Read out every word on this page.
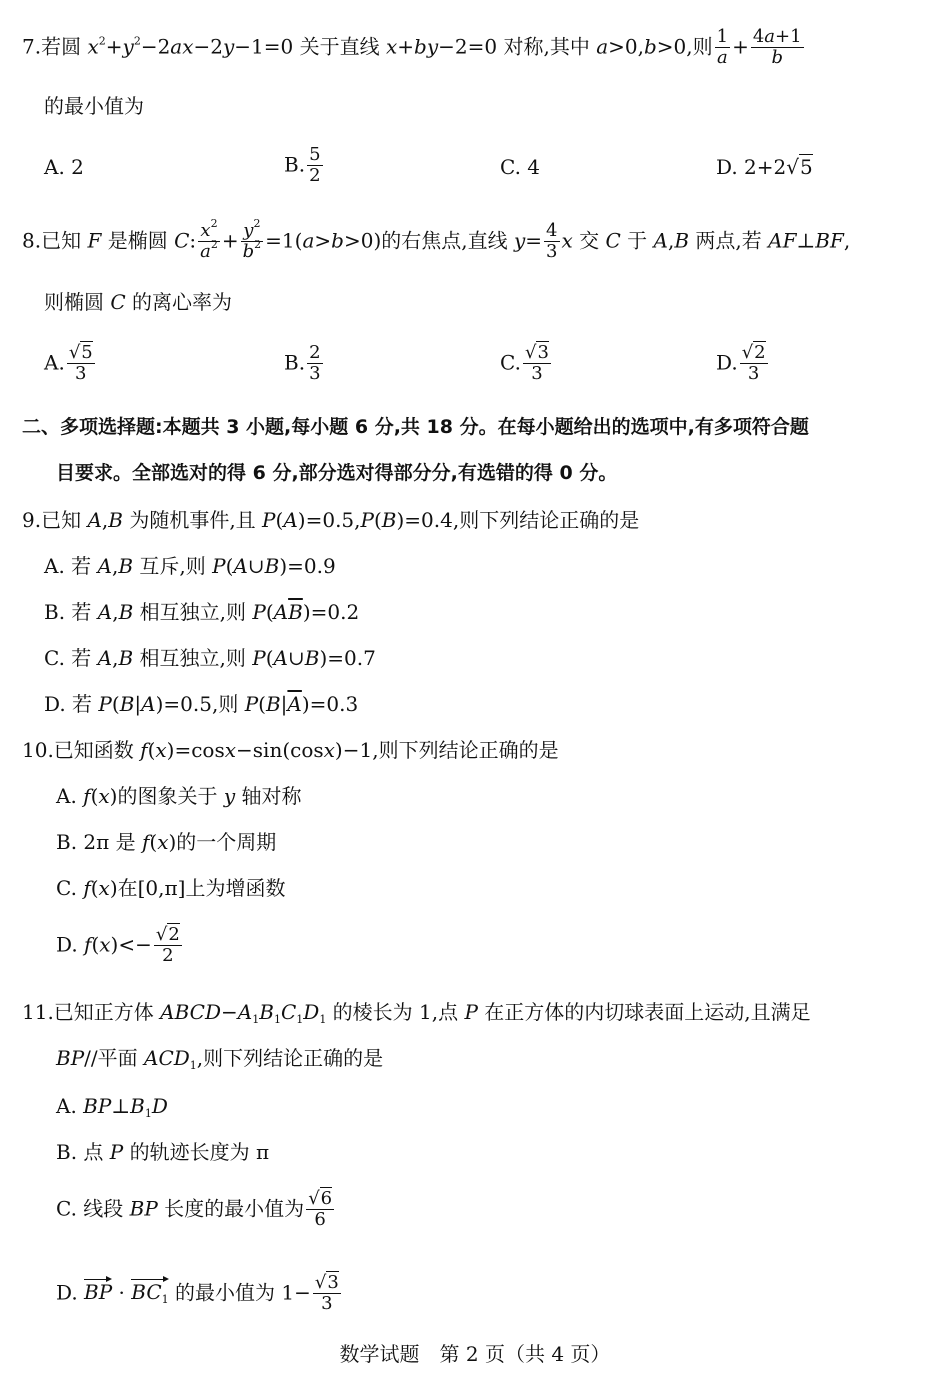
7.若圆 $x^2+y^2-2ax-2y-1=0$ 关于直线 x+by−2=0 对称,其中 a>0,b>0,则 $\frac{1}{a} + \frac{4a+1}{b}$
的最小值为
A. 2	B. $\frac{5}{2}$	C. 4	D. 2+2√5
8.已知 F 是椭圆 C: $\frac{x^2}{a^2} + \frac{y^2}{b^2} =1(a>b>0)$的右焦点,直线 $y= \frac{4}{3}$ x 交 C 于 A,B 两点,若 AF⊥BF,
则椭圆 C 的离心率为
A. $\frac{√5}{3}$	B. $\frac{2}{3}$	C. $\frac{√3}{3}$	D. $\frac{√2}{3}$
二、多项选择题:本题共 3 小题,每小题 6 分,共 18 分。在每小题给出的选项中,有多项符合题
目要求。全部选对的得 6 分,部分选对得部分分,有选错的得 0 分。
9.已知 A,B 为随机事件,且 P(A)=0.5,P(B)=0.4,则下列结论正确的是
A. 若 A,B 互斥,则 P(A∪B)=0.9
B. 若 A,B 相互独立,则 $P(A\overline{B})=0.2$
C. 若 A,B 相互独立,则 P(A∪B)=0.7
D. 若 P(B|A)=0.5,则 $P(B|\overline{A})=0.3$
10.已知函数 f(x)=cosx−sin(cosx)−1,则下列结论正确的是
A. f(x)的图象关于 y 轴对称
B. 2π 是 f(x)的一个周期
C. f(x)在[0,π]上为增函数
D. $f(x)<- \frac{√2}{2}$
11.已知正方体 $ABCD-A_1B_1C_1D_1$ 的棱长为 1,点 P 在正方体的内切球表面上运动,且满足
BP//平面 $ACD_1$,则下列结论正确的是
A. $BP\perp B_1D$
B. 点 P 的轨迹长度为 π
C. 线段 BP 长度的最小值为 $\frac{√6}{6}$
D. BP · $BC_1$ 的最小值为 $1- \frac{√3}{3}$
数学试题　第 2 页（共 4 页）
